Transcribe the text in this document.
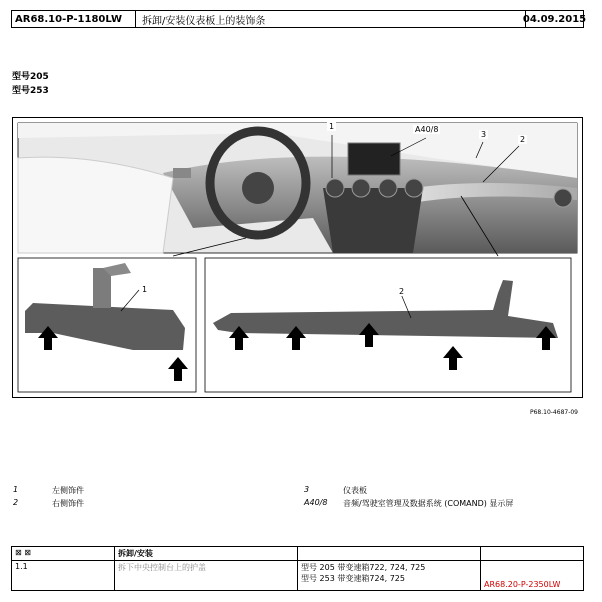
AR68.10-P-1180LW	拆卸/安装仪表板上的装饰条	04.09.2015
型号205
型号253
1	A40/8
3
2
1	2
P68.10-4687-09
1	左侧饰件
2	右侧饰件
3	仪表板
A40/8 音频/驾驶室管理及数据系统 (COMAND) 显示屏
⊠ ⊠	拆卸/安装		
1.1	拆下中央控制台上的护盖	型号 205 带变速箱722, 724, 725
型号 253 带变速箱724, 725	AR68.20-P-2350LW
